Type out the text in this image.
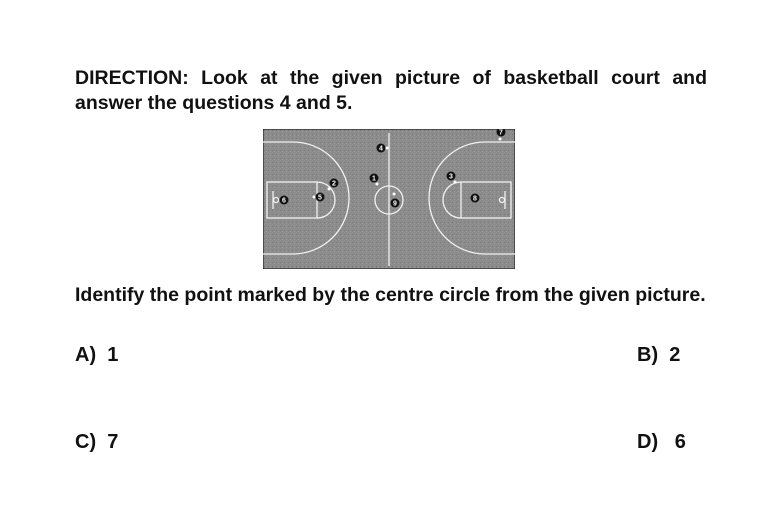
DIRECTION: Look at the given picture of basketball court and answer the questions 4 and 5.
1
2
3
4
5
6
7
8
9
Identify the point marked by the centre circle from the given picture.
A)  1	B)  2
C)  7	D)   6
